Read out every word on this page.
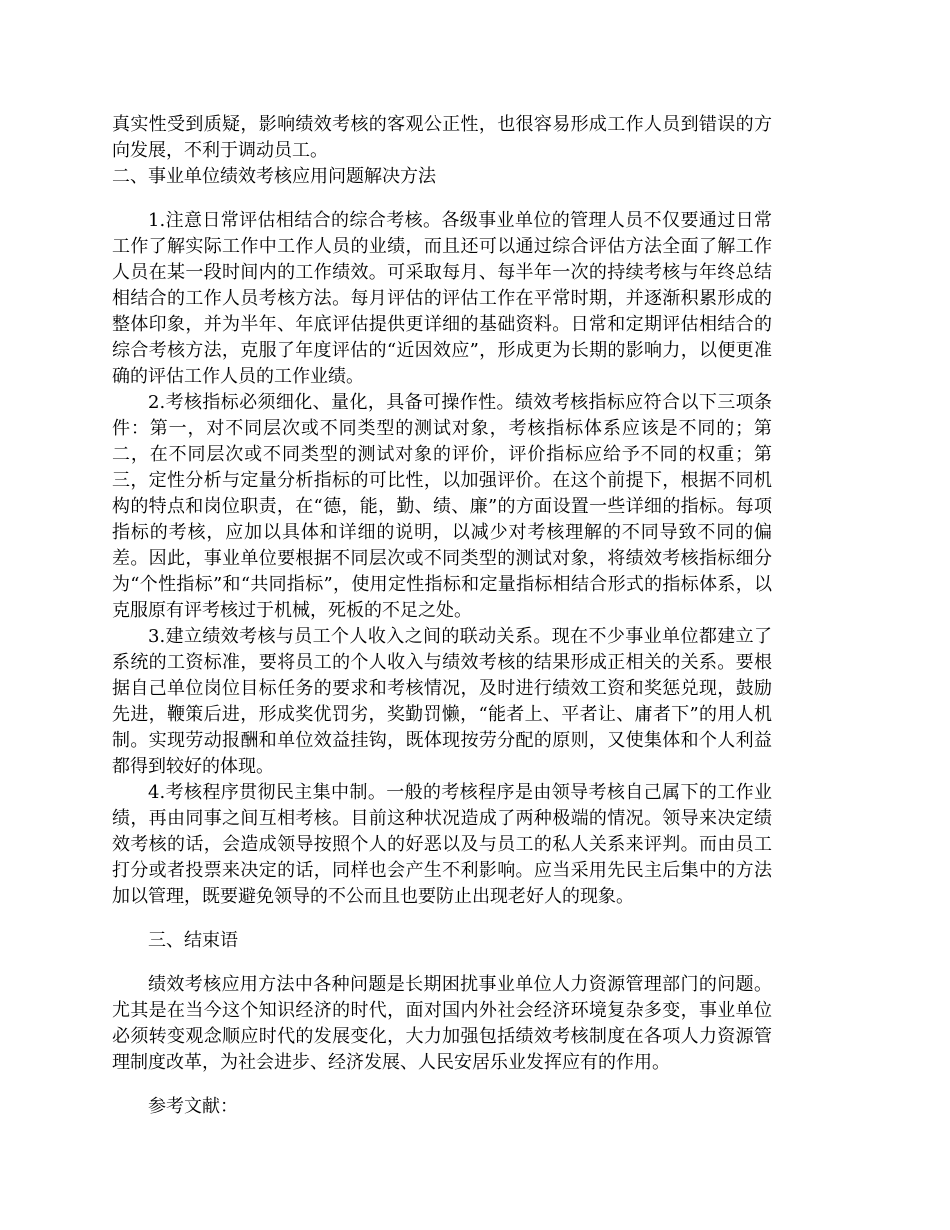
真实性受到质疑，影响绩效考核的客观公正性，也很容易形成工作人员到错误的方向发展，不利于调动员工。

二、事业单位绩效考核应用问题解决方法

1.注意日常评估相结合的综合考核。各级事业单位的管理人员不仅要通过日常工作了解实际工作中工作人员的业绩，而且还可以通过综合评估方法全面了解工作人员在某一段时间内的工作绩效。可采取每月、每半年一次的持续考核与年终总结相结合的工作人员考核方法。每月评估的评估工作在平常时期，并逐渐积累形成的整体印象，并为半年、年底评估提供更详细的基础资料。日常和定期评估相结合的综合考核方法，克服了年度评估的“近因效应”，形成更为长期的影响力，以便更准确的评估工作人员的工作业绩。

2.考核指标必须细化、量化，具备可操作性。绩效考核指标应符合以下三项条件：第一，对不同层次或不同类型的测试对象，考核指标体系应该是不同的；第二，在不同层次或不同类型的测试对象的评价，评价指标应给予不同的权重；第三，定性分析与定量分析指标的可比性，以加强评价。在这个前提下，根据不同机构的特点和岗位职责，在“德，能，勤、绩、廉”的方面设置一些详细的指标。每项指标的考核，应加以具体和详细的说明，以减少对考核理解的不同导致不同的偏差。因此，事业单位要根据不同层次或不同类型的测试对象，将绩效考核指标细分为“个性指标”和“共同指标”，使用定性指标和定量指标相结合形式的指标体系，以克服原有评考核过于机械，死板的不足之处。

3.建立绩效考核与员工个人收入之间的联动关系。现在不少事业单位都建立了系统的工资标准，要将员工的个人收入与绩效考核的结果形成正相关的关系。要根据自己单位岗位目标任务的要求和考核情况，及时进行绩效工资和奖惩兑现，鼓励先进，鞭策后进，形成奖优罚劣，奖勤罚懒，“能者上、平者让、庸者下”的用人机制。实现劳动报酬和单位效益挂钩，既体现按劳分配的原则，又使集体和个人利益都得到较好的体现。

4.考核程序贯彻民主集中制。一般的考核程序是由领导考核自己属下的工作业绩，再由同事之间互相考核。目前这种状况造成了两种极端的情况。领导来决定绩效考核的话，会造成领导按照个人的好恶以及与员工的私人关系来评判。而由员工打分或者投票来决定的话，同样也会产生不利影响。应当采用先民主后集中的方法加以管理，既要避免领导的不公而且也要防止出现老好人的现象。

三、结束语

绩效考核应用方法中各种问题是长期困扰事业单位人力资源管理部门的问题。尤其是在当今这个知识经济的时代，面对国内外社会经济环境复杂多变，事业单位必须转变观念顺应时代的发展变化，大力加强包括绩效考核制度在各项人力资源管理制度改革，为社会进步、经济发展、人民安居乐业发挥应有的作用。

参考文献：
